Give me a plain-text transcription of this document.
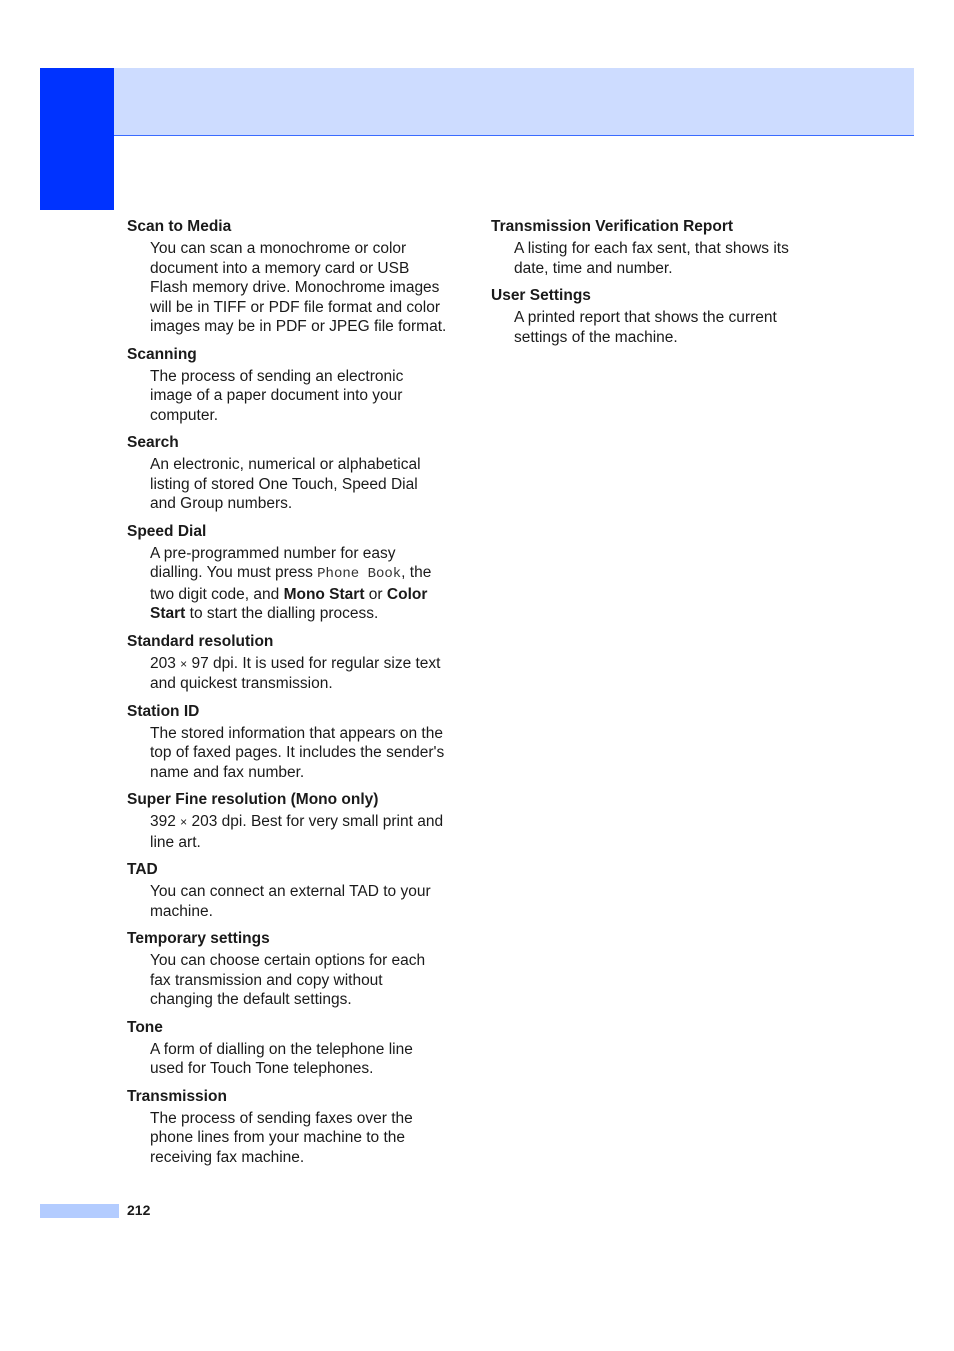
Scan to Media
You can scan a monochrome or color document into a memory card or USB Flash memory drive. Monochrome images will be in TIFF or PDF file format and color images may be in PDF or JPEG file format.
Scanning
The process of sending an electronic image of a paper document into your computer.
Search
An electronic, numerical or alphabetical listing of stored One Touch, Speed Dial and Group numbers.
Speed Dial
A pre-programmed number for easy dialling. You must press Phone Book, the two digit code, and Mono Start or Color Start to start the dialling process.
Standard resolution
203 × 97 dpi. It is used for regular size text and quickest transmission.
Station ID
The stored information that appears on the top of faxed pages. It includes the sender's name and fax number.
Super Fine resolution (Mono only)
392 × 203 dpi. Best for very small print and line art.
TAD
You can connect an external TAD to your machine.
Temporary settings
You can choose certain options for each fax transmission and copy without changing the default settings.
Tone
A form of dialling on the telephone line used for Touch Tone telephones.
Transmission
The process of sending faxes over the phone lines from your machine to the receiving fax machine.
Transmission Verification Report
A listing for each fax sent, that shows its date, time and number.
User Settings
A printed report that shows the current settings of the machine.
212
